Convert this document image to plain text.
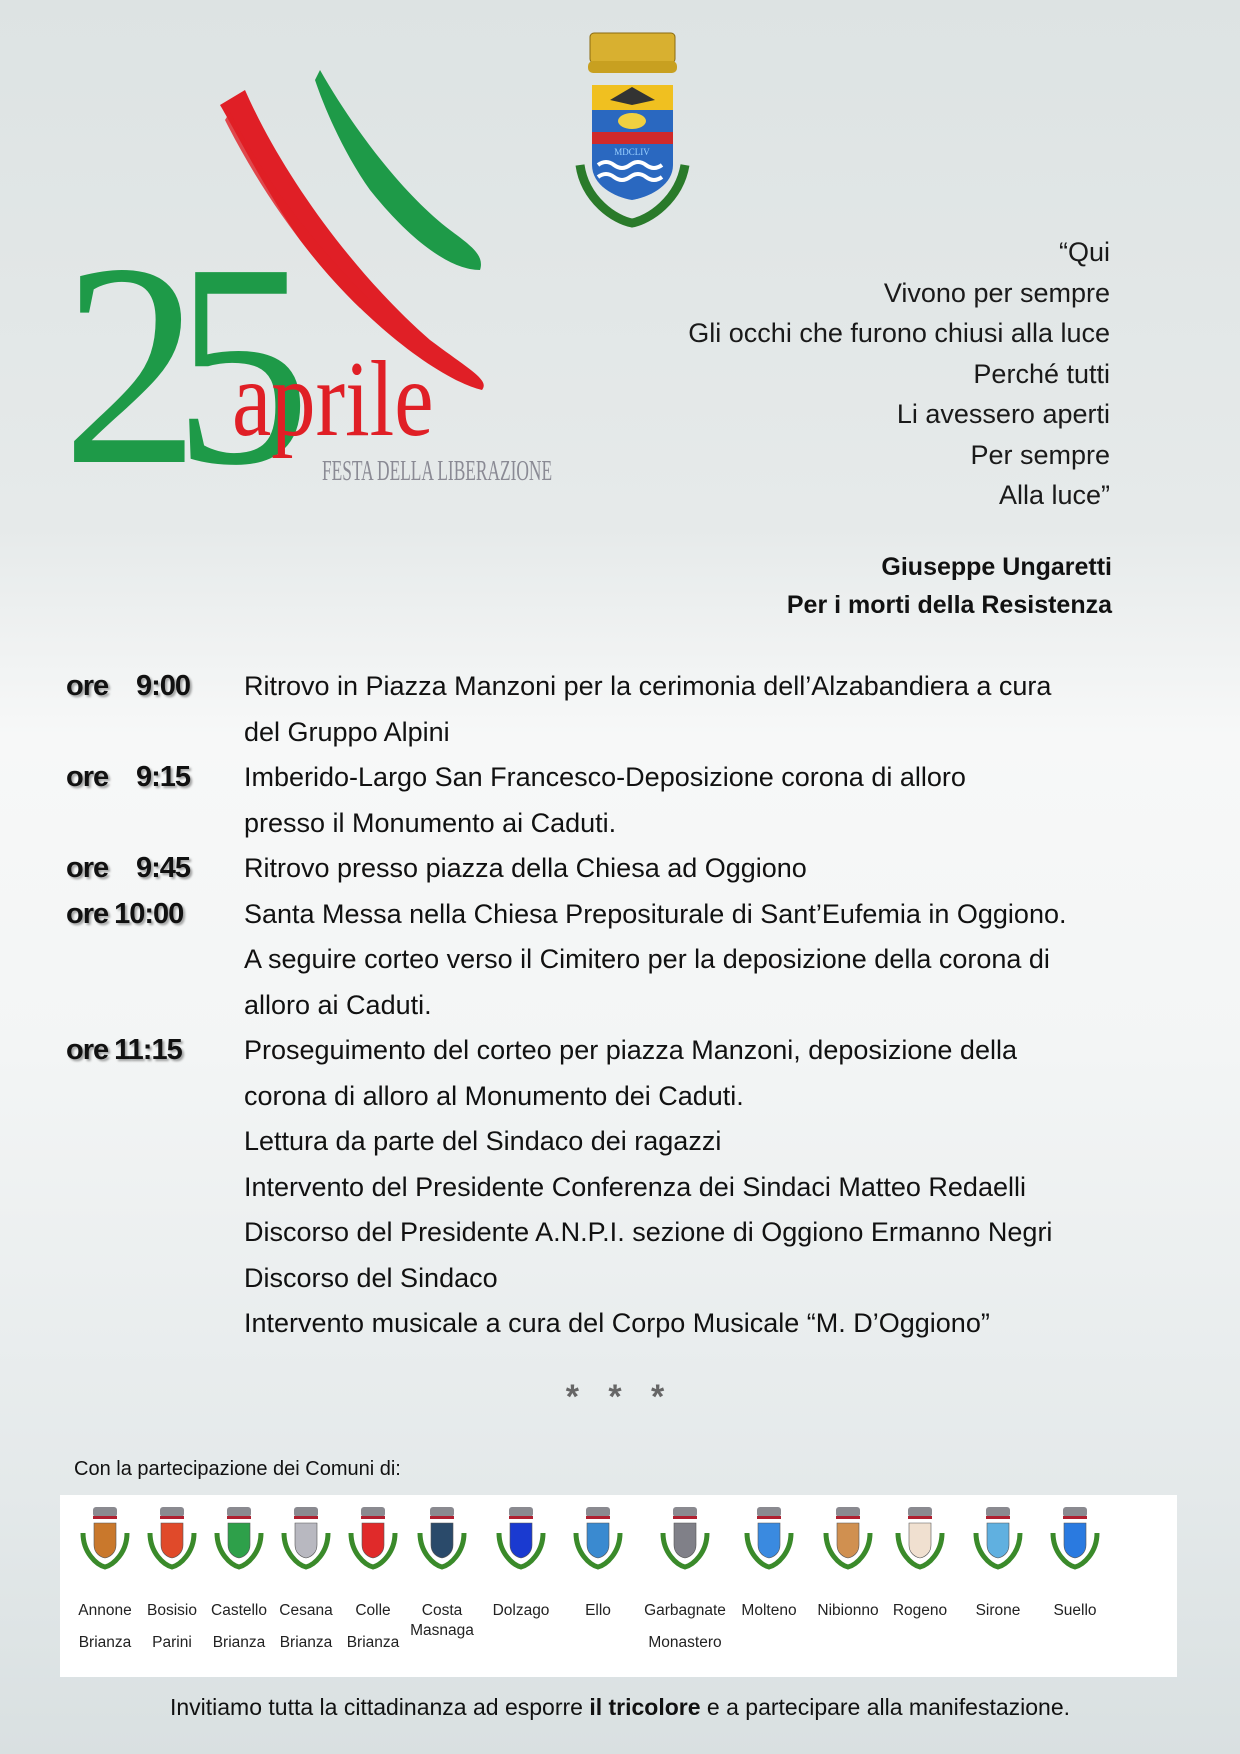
25
aprile
FESTA DELLA LIBERAZIONE
MDCLIV
“Qui
Vivono per sempre
Gli occhi che furono chiusi alla luce
Perché tutti
Li avessero aperti
Per sempre
Alla luce”
Giuseppe Ungaretti
Per i morti della Resistenza
ore 9:00	Ritrovo in Piazza Manzoni per la cerimonia dell’Alzabandiera a cura
del Gruppo Alpini
ore 9:15	Imberido-Largo San Francesco-Deposizione corona di alloro
presso il Monumento ai Caduti.
ore 9:45	Ritrovo presso piazza della Chiesa ad Oggiono
ore 10:00	Santa Messa nella Chiesa Prepositurale di Sant’Eufemia in Oggiono.
A seguire corteo verso il Cimitero per la deposizione della corona di
alloro ai Caduti.
ore 11:15	Proseguimento del corteo per piazza Manzoni, deposizione della
corona di alloro al Monumento dei Caduti.
Lettura da parte del Sindaco dei ragazzi
Intervento del Presidente Conferenza dei Sindaci Matteo Redaelli
Discorso del Presidente A.N.P.I. sezione di Oggiono Ermanno Negri
Discorso del Sindaco
Intervento musicale a cura del Corpo Musicale “M. D’Oggiono”
* * *
Con la partecipazione dei Comuni di:
Annone
Brianza
Bosisio
Parini
Castello
Brianza
Cesana
Brianza
Colle
Brianza
Costa
Masnaga
Dolzago	Ello	Garbagnate
Monastero
Molteno	Nibionno Rogeno	Sirone	Suello
Invitiamo tutta la cittadinanza ad esporre il tricolore e a partecipare alla manifestazione.
